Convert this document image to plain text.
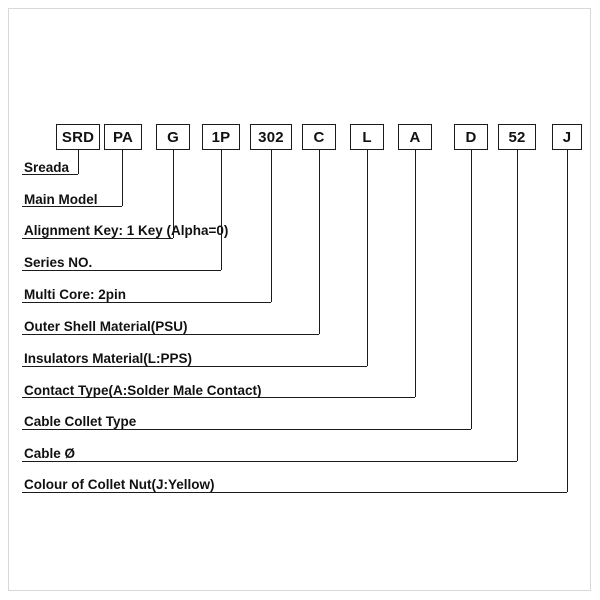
SRD	PA	G	1P	302	C	L	A	D	52	J
Sreada
Main Model
Alignment Key: 1 Key (Alpha=0)
Series NO.
Multi Core: 2pin
Outer Shell Material(PSU)
Insulators Material(L:PPS)
Contact Type(A:Solder Male Contact)
Cable Collet Type
Cable Ø
Colour of Collet Nut(J:Yellow)
